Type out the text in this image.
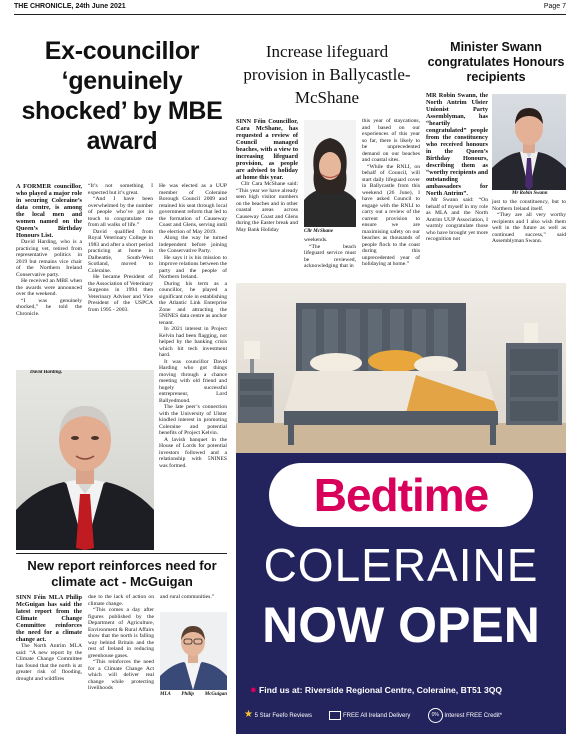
THE CHRONICLE, 24th June 2021	Page 7
Ex-councillor ‘genuinely shocked’ by MBE award

A FORMER councillor, who played a major role in securing Coleraine’s data centre, is among the local men and women named on the Queen’s Birthday Honours List.

David Harding, who is a practicing vet, retired from representative politics in 2019 but remains vice chair of the Northern Ireland Conservative party.

He received an MBE when the awards were announced over the weekend.

“I was genuinely shocked,” he told the Chronicle.

“It’s not something I expected but it’s great.

“And I have been overwhelmed by the number of people who’ve got in touch to congratulate me from all walks of life.”

David qualified from Royal Veterinary College in 1983 and after a short period practicing at home in Dalbeattie, South-West Scotland, moved to Coleraine.

He became President of the Association of Veterinary Surgeons in 1994 then Veterinary Adviser and Vice President of the USPCA from 1995 - 2003.

He was elected as a UUP member of Coleraine Borough Council 2009 and retained his seat through local government reform that led to the formation of Causeway Coast and Glens, serving until the election of May 2019.

Along the way he turned independent before joining the Conservative Party.

He says it is his mission to improve relations between the party and the people of Northern Ireland.

During his term as a councillor, he played a significant role in establishing the Atlantic Link Enterprise Zone and attracting the 5NINES data centre as anchor tenant.

In 2021 interest in Project Kelvin had been flagging, not helped by the banking crisis which hit tech investment hard.

It was councillor David Harding who got things moving through a chance meeting with old friend and hugely successful entrepreneur, Lord Ballyedmond.

The late peer’s connection with the University of Ulster kindled interest in promoting Coleraine and potential benefits of Project Kelvin.

A lavish banquet in the House of Lords for potential investors followed and a relationship with 5NINES was formed.

David Harding.
New report reinforces need for climate act - McGuigan

SINN Féin MLA Philip McGuigan has said the latest report from the Climate Change Committee reinforces the need for a climate change act.

The North Antrim MLA said: “A new report by the Climate Change Committee has found that the north is at greater risk of flooding, drought and wildfires

due to the lack of action on climate change.

“This comes a day after figures published by the Department of Agriculture, Environment & Rural Affairs show that the north is falling way behind Britain and the rest of Ireland in reducing greenhouse gases.

“This reinforces the need for a Climate Change Act which will deliver real change while protecting livelihoods

and rural communities.”

MLA Philip McGuigan
Increase lifeguard provision in Ballycastle- McShane

SINN Féin Councillor, Cara McShane, has requested a review of Council managed beaches, with a view to increasing lifeguard provision, as people are advised to holiday at home this year.

Cllr Cara McShane said: “This year we have already seen high visitor numbers on the beaches and in other coastal areas across Causeway Coast and Glens during the Easter break and May Bank Holiday	Cllr McShane

weekends.

“The beach lifeguard service must be reviewed, acknowledging that in

this year of staycations, and based on our experiences of this year so far, there is likely to be unprecedented demand on our beaches and coastal sites.

“While the RNLI, on behalf of Council, will start daily lifeguard cover in Ballycastle from this weekend (26 June), I have asked Council to engage with the RNLI to carry out a review of the current provision to ensure we are maximising safety on our beaches as thousands of people flock to the coast during this unprecedented year of holidaying at home.”

Minister Swann congratulates Honours recipients

MR Robin Swann, the North Antrim Ulster Unionist Party Assemblyman, has “heartily congratulated” people from the constituency who received honours in the Queen’s Birthday Honours, describing them as “worthy recipients and outstanding ambassadors for North Antrim”.

Mr Swann said: “On behalf of myself in my role as MLA and the North Antrim UUP Association, I warmly congratulate those who have brought yet more recognition not

Mr Robin Swann

just to the constituency, but to Northern Ireland itself.

“They are all very worthy recipients and I also wish them well in the future as well as continued success,” said Assemblyman Swann.

Bedtime
COLERAINE
NOW OPEN
● Find us at: Riverside Regional Centre, Coleraine, BT51 3QQ
★ 5 Star Feefo Reviews	FREE All Ireland Delivery	0% Interest FREE Credit*
